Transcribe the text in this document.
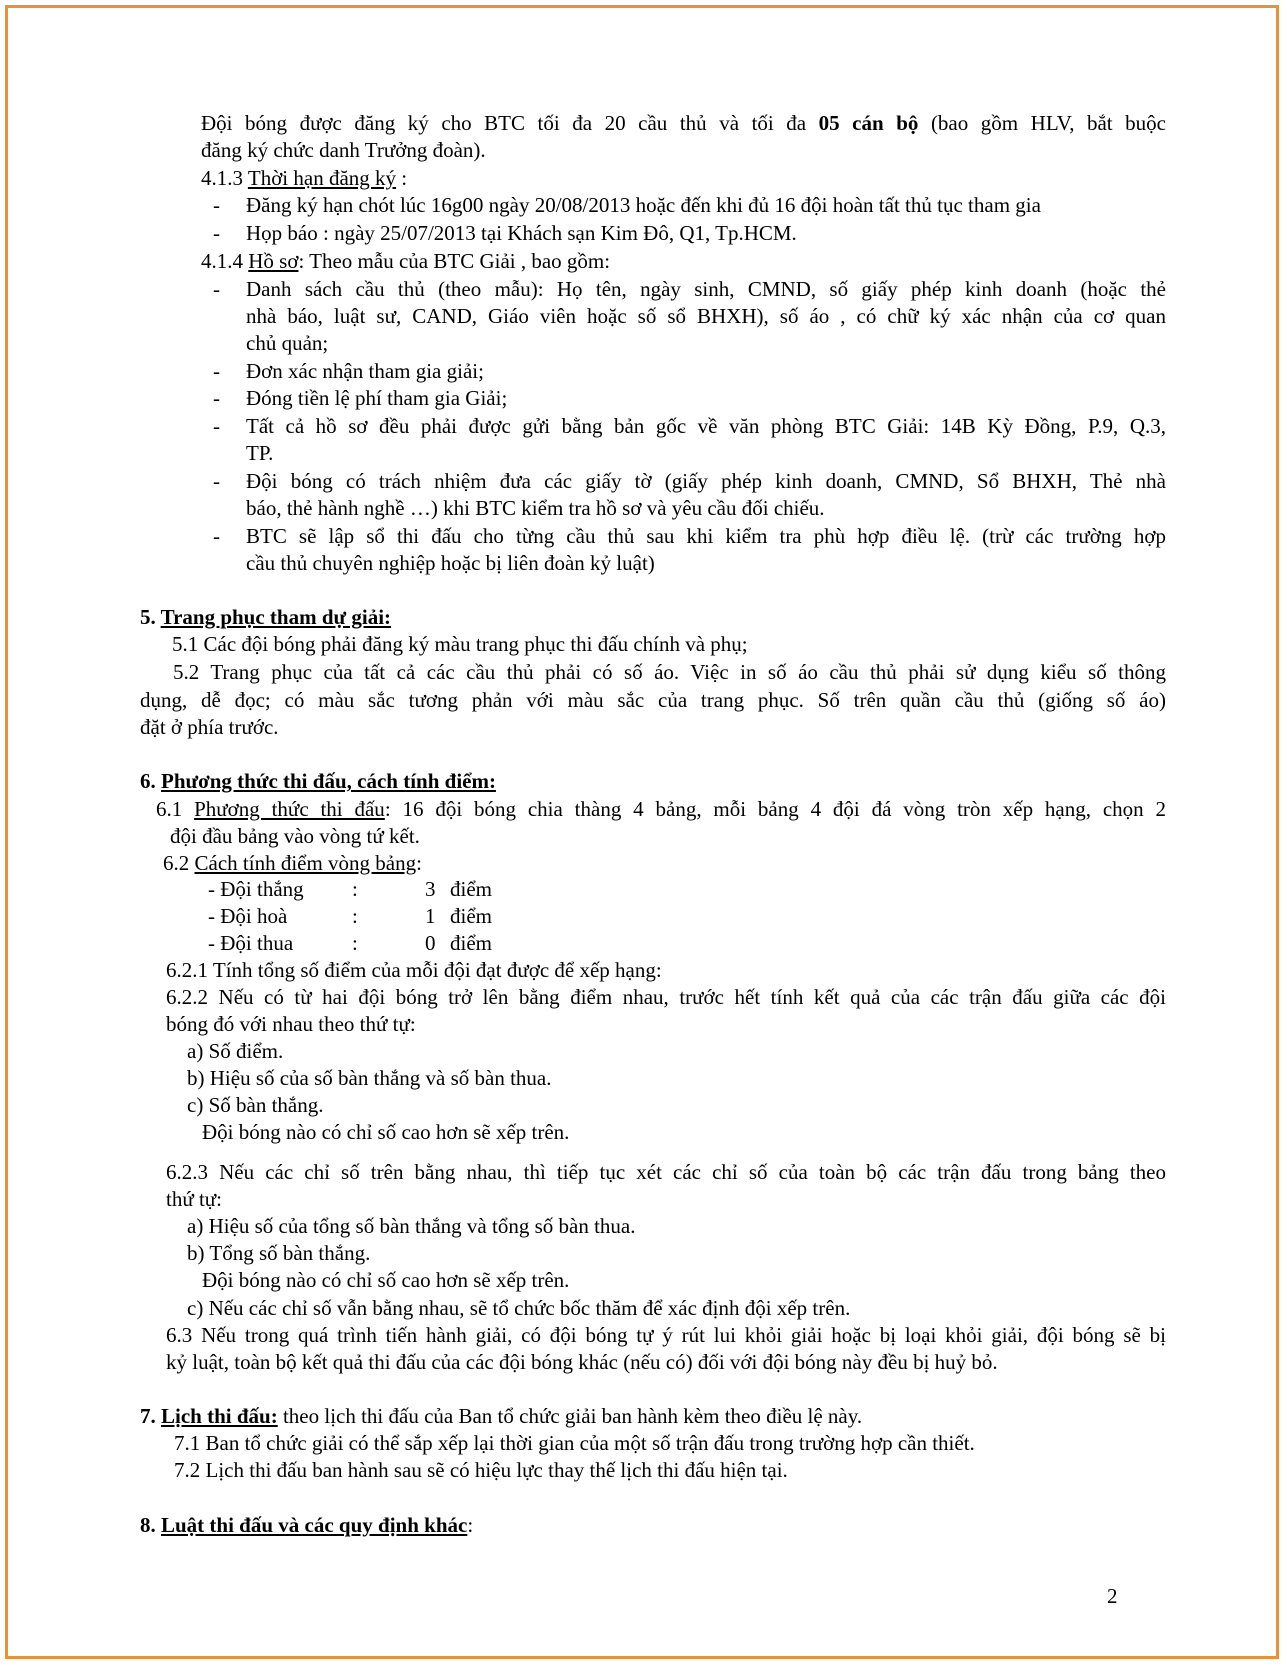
Đội bóng được đăng ký cho BTC tối đa 20 cầu thủ và tối đa 05 cán bộ (bao gồm HLV, bắt buộc
đăng ký chức danh Trưởng đoàn).
4.1.3 Thời hạn đăng ký :
- Đăng ký hạn chót lúc 16g00 ngày 20/08/2013 hoặc đến khi đủ 16 đội hoàn tất thủ tục tham gia
- Họp báo : ngày 25/07/2013 tại Khách sạn Kim Đô, Q1, Tp.HCM.
4.1.4 Hồ sơ: Theo mẫu của BTC Giải , bao gồm:
- Danh sách cầu thủ (theo mẫu): Họ tên, ngày sinh, CMND, số giấy phép kinh doanh (hoặc thẻ
nhà báo, luật sư, CAND, Giáo viên hoặc số sổ BHXH), số áo , có chữ ký xác nhận của cơ quan
chủ quản;
- Đơn xác nhận tham gia giải;
- Đóng tiền lệ phí tham gia Giải;
- Tất cả hồ sơ đều phải được gửi bằng bản gốc về văn phòng BTC Giải: 14B Kỳ Đồng, P.9, Q.3,
TP.
- Đội bóng có trách nhiệm đưa các giấy tờ (giấy phép kinh doanh, CMND, Sổ BHXH, Thẻ nhà
báo, thẻ hành nghề …) khi BTC kiểm tra hồ sơ và yêu cầu đối chiếu.
- BTC sẽ lập sổ thi đấu cho từng cầu thủ sau khi kiểm tra phù hợp điều lệ. (trừ các trường hợp
cầu thủ chuyên nghiệp hoặc bị liên đoàn kỷ luật)
5. Trang phục tham dự giải:
5.1 Các đội bóng phải đăng ký màu trang phục thi đấu chính và phụ;
5.2 Trang phục của tất cả các cầu thủ phải có số áo. Việc in số áo cầu thủ phải sử dụng kiểu số thông
dụng, dễ đọc; có màu sắc tương phản với màu sắc của trang phục. Số trên quần cầu thủ (giống số áo)
đặt ở phía trước.
6. Phương thức thi đấu, cách tính điểm:
6.1 Phương thức thi đấu: 16 đội bóng chia thàng 4 bảng, mỗi bảng 4 đội đá vòng tròn xếp hạng, chọn 2
đội đầu bảng vào vòng tứ kết.
6.2 Cách tính điểm vòng bảng:
- Đội thắng :	3 điểm
- Đội hoà	:	1 điểm
- Đội thua	:	0 điểm
6.2.1 Tính tổng số điểm của mỗi đội đạt được để xếp hạng:
6.2.2 Nếu có từ hai đội bóng trở lên bằng điểm nhau, trước hết tính kết quả của các trận đấu giữa các đội
bóng đó với nhau theo thứ tự:
a) Số điểm.
b) Hiệu số của số bàn thắng và số bàn thua.
c) Số bàn thắng.
Đội bóng nào có chỉ số cao hơn sẽ xếp trên.
6.2.3 Nếu các chỉ số trên bằng nhau, thì tiếp tục xét các chỉ số của toàn bộ các trận đấu trong bảng theo
thứ tự:
a) Hiệu số của tổng số bàn thắng và tổng số bàn thua.
b) Tổng số bàn thắng.
Đội bóng nào có chỉ số cao hơn sẽ xếp trên.
c) Nếu các chỉ số vẫn bằng nhau, sẽ tổ chức bốc thăm để xác định đội xếp trên.
6.3 Nếu trong quá trình tiến hành giải, có đội bóng tự ý rút lui khỏi giải hoặc bị loại khỏi giải, đội bóng sẽ bị
kỷ luật, toàn bộ kết quả thi đấu của các đội bóng khác (nếu có) đối với đội bóng này đều bị huỷ bỏ.
7. Lịch thi đấu: theo lịch thi đấu của Ban tổ chức giải ban hành kèm theo điều lệ này.
7.1 Ban tổ chức giải có thể sắp xếp lại thời gian của một số trận đấu trong trường hợp cần thiết.
7.2 Lịch thi đấu ban hành sau sẽ có hiệu lực thay thế lịch thi đấu hiện tại.
8. Luật thi đấu và các quy định khác:
2
